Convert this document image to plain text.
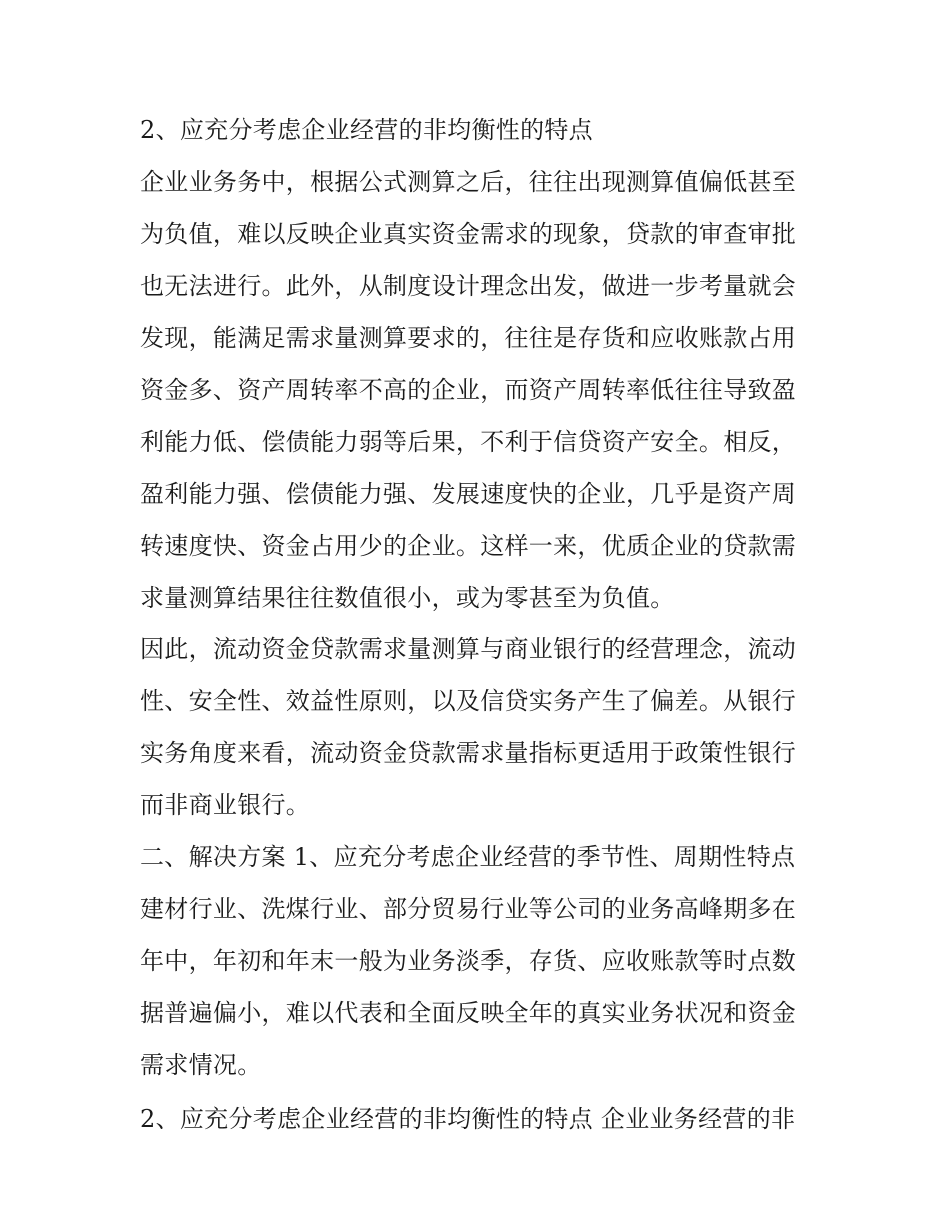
2、应充分考虑企业经营的非均衡性的特点
企业业务务中，根据公式测算之后，往往出现测算值偏低甚至
为负值，难以反映企业真实资金需求的现象，贷款的审查审批
也无法进行。此外，从制度设计理念出发，做进一步考量就会
发现，能满足需求量测算要求的，往往是存货和应收账款占用
资金多、资产周转率不高的企业，而资产周转率低往往导致盈
利能力低、偿债能力弱等后果，不利于信贷资产安全。相反，
盈利能力强、偿债能力强、发展速度快的企业，几乎是资产周
转速度快、资金占用少的企业。这样一来，优质企业的贷款需
求量测算结果往往数值很小，或为零甚至为负值。
因此，流动资金贷款需求量测算与商业银行的经营理念，流动
性、安全性、效益性原则，以及信贷实务产生了偏差。从银行
实务角度来看，流动资金贷款需求量指标更适用于政策性银行
而非商业银行。
二、解决方案 1、应充分考虑企业经营的季节性、周期性特点
建材行业、洗煤行业、部分贸易行业等公司的业务高峰期多在
年中，年初和年末一般为业务淡季，存货、应收账款等时点数
据普遍偏小，难以代表和全面反映全年的真实业务状况和资金
需求情况。
2、应充分考虑企业经营的非均衡性的特点 企业业务经营的非
